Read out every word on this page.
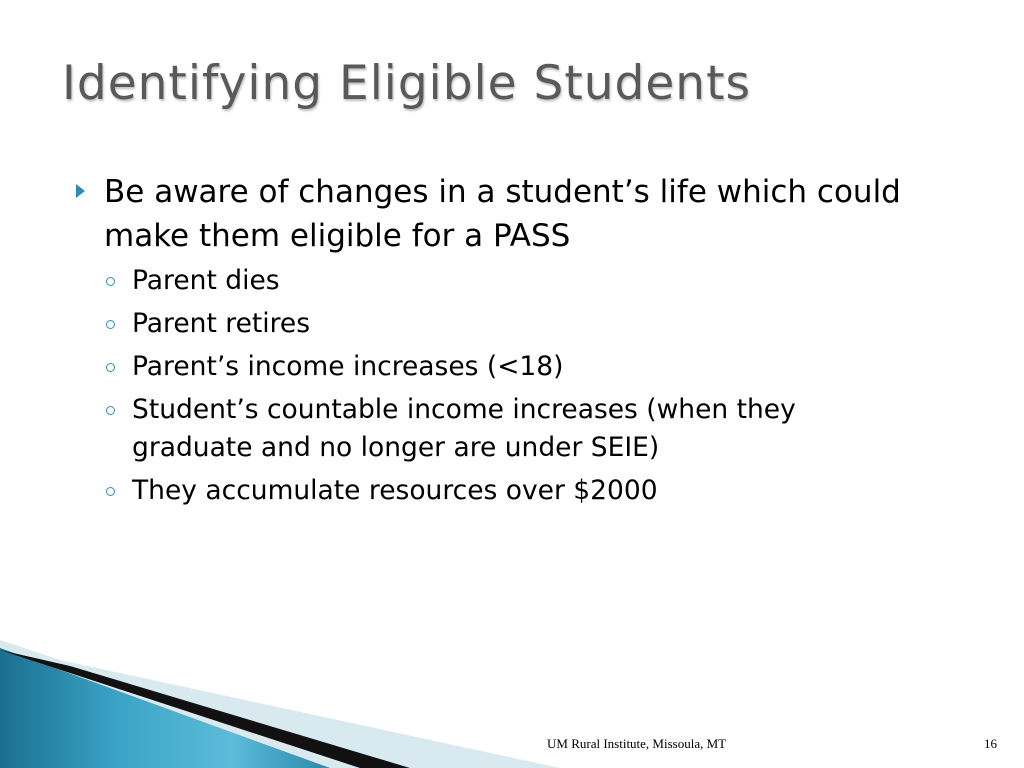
Identifying Eligible Students
Be aware of changes in a student’s life which could make them eligible for a PASS
Parent dies
Parent retires
Parent’s income increases (<18)
Student’s countable income increases (when they graduate and no longer are under SEIE)
They accumulate resources over $2000
UM Rural Institute, Missoula, MT	16
